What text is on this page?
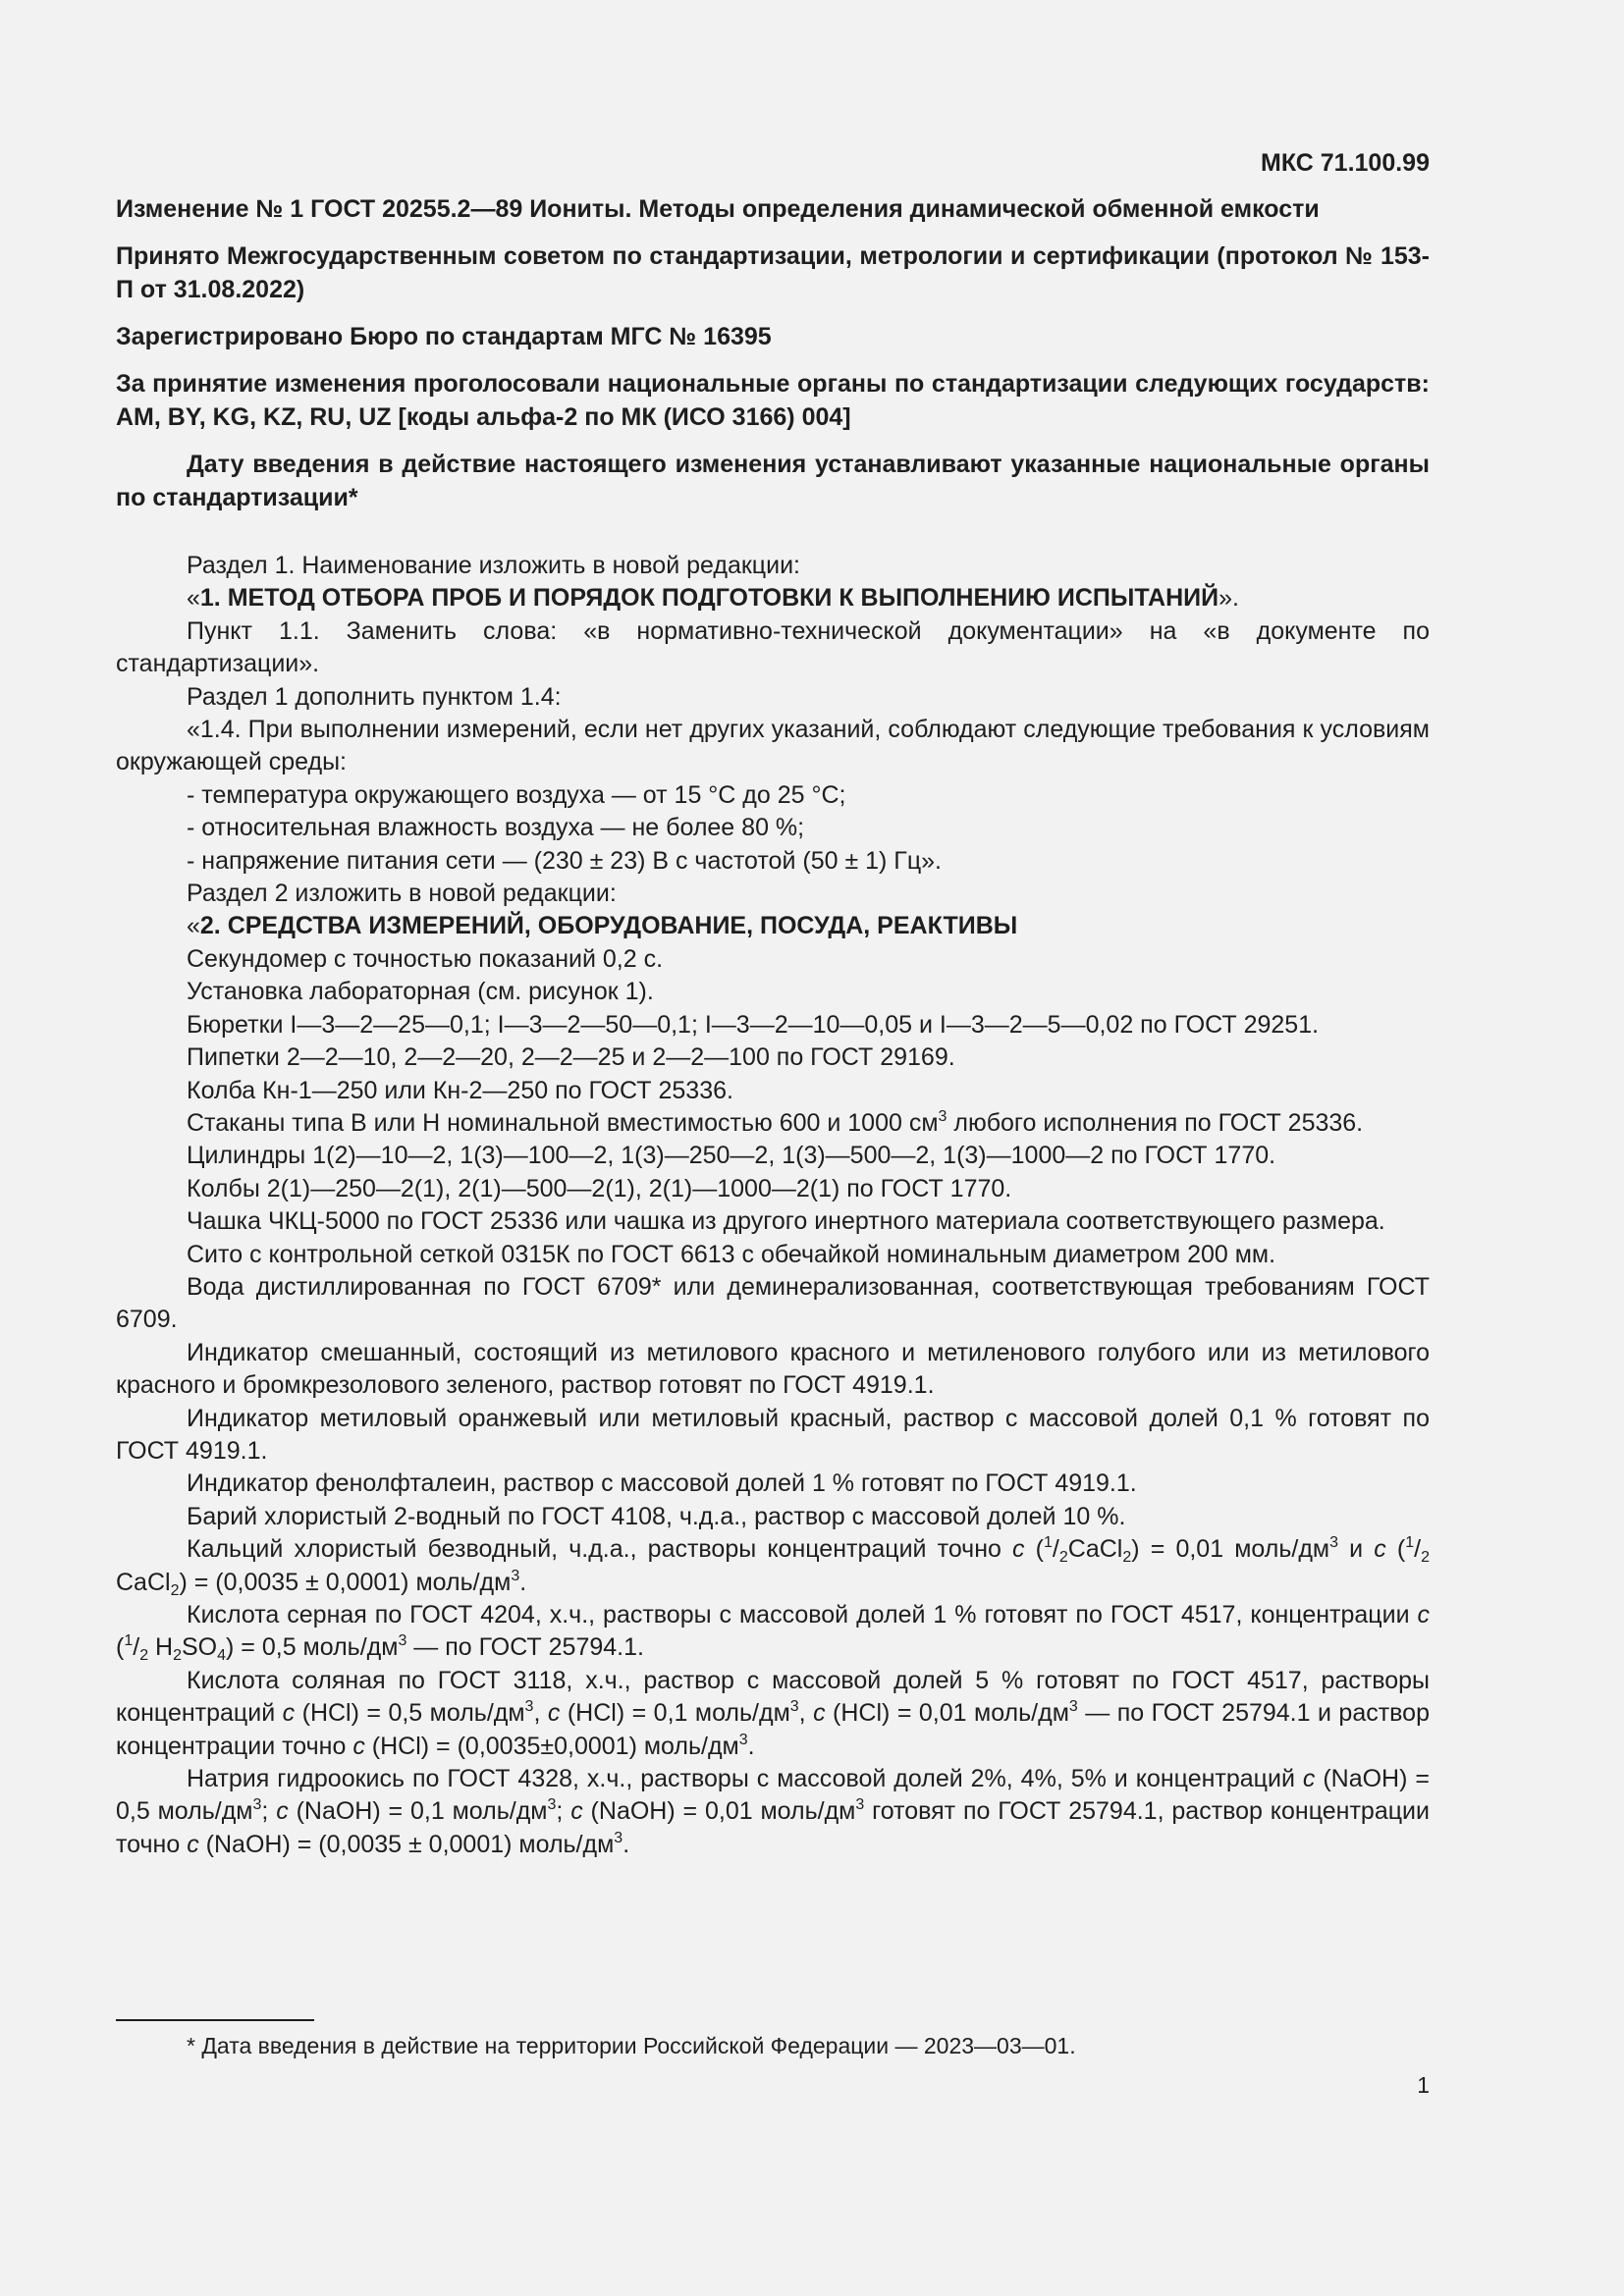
МКС 71.100.99
Изменение № 1 ГОСТ 20255.2—89 Иониты. Методы определения динамической обменной емкости
Принято Межгосударственным советом по стандартизации, метрологии и сертификации (протокол № 153-П от 31.08.2022)
Зарегистрировано Бюро по стандартам МГС № 16395
За принятие изменения проголосовали национальные органы по стандартизации следующих государств: AM, BY, KG, KZ, RU, UZ [коды альфа-2 по МК (ИСО 3166) 004]
Дату введения в действие настоящего изменения устанавливают указанные национальные органы по стандартизации*

Раздел 1. Наименование изложить в новой редакции:

«1. МЕТОД ОТБОРА ПРОБ И ПОРЯДОК ПОДГОТОВКИ К ВЫПОЛНЕНИЮ ИСПЫТАНИЙ».

Пункт 1.1. Заменить слова: «в нормативно-технической документации» на «в документе по стандартизации».

Раздел 1 дополнить пунктом 1.4:

«1.4. При выполнении измерений, если нет других указаний, соблюдают следующие требования к условиям окружающей среды:

- температура окружающего воздуха — от 15 °С до 25 °С;

- относительная влажность воздуха — не более 80 %;

- напряжение питания сети — (230 ± 23) В с частотой (50 ± 1) Гц».

Раздел 2 изложить в новой редакции:

«2. СРЕДСТВА ИЗМЕРЕНИЙ, ОБОРУДОВАНИЕ, ПОСУДА, РЕАКТИВЫ

Секундомер с точностью показаний 0,2 с.

Установка лабораторная (см. рисунок 1).

Бюретки I—3—2—25—0,1; I—3—2—50—0,1; I—3—2—10—0,05 и I—3—2—5—0,02 по ГОСТ 29251.

Пипетки 2—2—10, 2—2—20, 2—2—25 и 2—2—100 по ГОСТ 29169.

Колба Кн-1—250 или Кн-2—250 по ГОСТ 25336.

Стаканы типа В или Н номинальной вместимостью 600 и 1000 $см^3$ любого исполнения по ГОСТ 25336.

Цилиндры 1(2)—10—2, 1(3)—100—2, 1(3)—250—2, 1(3)—500—2, 1(3)—1000—2 по ГОСТ 1770.

Колбы 2(1)—250—2(1), 2(1)—500—2(1), 2(1)—1000—2(1) по ГОСТ 1770.

Чашка ЧКЦ-5000 по ГОСТ 25336 или чашка из другого инертного материала соответствующего размера.

Сито с контрольной сеткой 0315К по ГОСТ 6613 с обечайкой номинальным диаметром 200 мм.

Вода дистиллированная по ГОСТ 6709* или деминерализованная, соответствующая требованиям ГОСТ 6709.

Индикатор смешанный, состоящий из метилового красного и метиленового голубого или из метилового красного и бромкрезолового зеленого, раствор готовят по ГОСТ 4919.1.

Индикатор метиловый оранжевый или метиловый красный, раствор с массовой долей 0,1 % готовят по ГОСТ 4919.1.

Индикатор фенолфталеин, раствор с массовой долей 1 % готовят по ГОСТ 4919.1.

Барий хлористый 2-водный по ГОСТ 4108, ч.д.а., раствор с массовой долей 10 %.

Кальций хлористый безводный, ч.д.а., растворы концентраций точно c $(^1/_2CaCl_2) = 0,01$ моль/$дм^3$ и c ($^1/_2$ CaCl$_2$) = (0,0035 ± 0,0001) моль/$дм^3$.

Кислота серная по ГОСТ 4204, х.ч., растворы с массовой долей 1 % готовят по ГОСТ 4517, концентрации c ($^1/_2$ $H_2SO_4) = 0,5$ моль/$дм^3$ — по ГОСТ 25794.1.

Кислота соляная по ГОСТ 3118, х.ч., раствор с массовой долей 5 % готовят по ГОСТ 4517, растворы концентраций c (HCl) = 0,5 моль/$дм^3$, c (HCl) = 0,1 моль/$дм^3$, c (HCl) = 0,01 моль/$дм^3$ — по ГОСТ 25794.1 и раствор концентрации точно c (HCl) = (0,0035±0,0001) моль/$дм^3$.

Натрия гидроокись по ГОСТ 4328, х.ч., растворы с массовой долей 2%, 4%, 5% и концентраций c (NaOH) = 0,5 моль/$дм^3$; c (NaOH) = 0,1 моль/$дм^3$; c (NaOH) = 0,01 моль/$дм^3$ готовят по ГОСТ 25794.1, раствор концентрации точно c (NaOH) = (0,0035 ± 0,0001) моль/$дм^3$.

* Дата введения в действие на территории Российской Федерации — 2023—03—01.
1
